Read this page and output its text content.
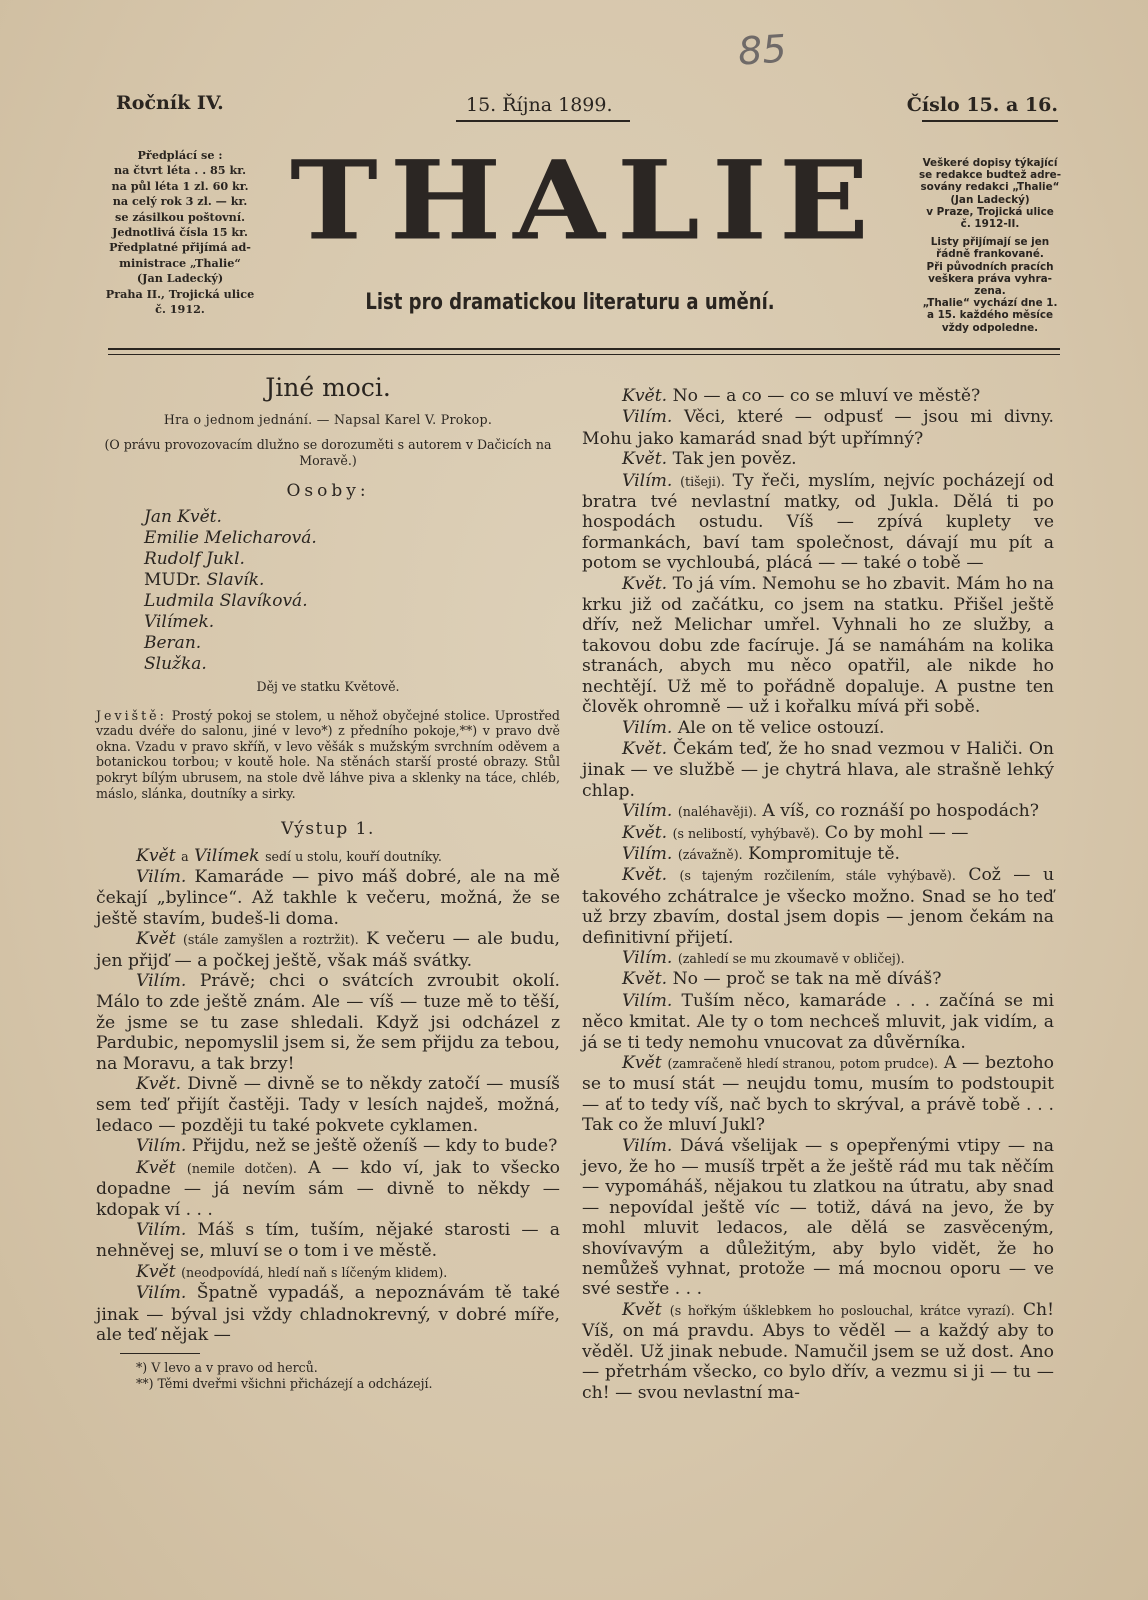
85
Ročník IV.	15. Října 1899.	Číslo 15. a 16.
Předplácí se :
na čtvrt léta . . 85 kr.
na půl léta 1 zl. 60 kr.
na celý rok 3 zl. — kr.
se zásilkou poštovní.
Jednotlivá čísla 15 kr.
Předplatné přijímá ad-
ministrace „Thalie“
(Jan Ladecký)
Praha II., Trojická ulice
č. 1912.
THALIE
List pro dramatickou literaturu a umění.
Veškeré dopisy týkající
se redakce budtež adre-
sovány redakci „Thalie“
(Jan Ladecký)
v Praze, Trojická ulice
č. 1912-II.
Listy přijímají se jen
řádně frankované.
Při původních pracích
veškera práva vyhra-
zena.
„Thalie“ vychází dne 1.
a 15. každého měsíce
vždy odpoledne.
Jiné moci.
Hra o jednom jednání. — Napsal Karel V. Prokop.
(O právu provozovacím dlužno se dorozuměti s autorem v Dačicích na Moravě.)
Osoby:
Jan Květ.
Emilie Melicharová.
Rudolf Jukl.
MUDr. Slavík.
Ludmila Slavíková.
Vilímek.
Beran.
Služka.
Děj ve statku Květově.
Jeviště: Prostý pokoj se stolem, u něhož obyčejné stolice. Uprostřed vzadu dvéře do salonu, jiné v levo*) z předního pokoje,**) v pravo dvě okna. Vzadu v pravo skříň, v levo věšák s mužským svrchním oděvem a botanickou torbou; v koutě hole. Na stěnách starší prosté obrazy. Stůl pokryt bílým ubrusem, na stole dvě láhve piva a sklenky na táce, chléb, máslo, slánka, doutníky a sirky.
Výstup 1.

Květ a Vilímek sedí u stolu, kouří doutníky.

Vilím. Kamaráde — pivo máš dobré, ale na mě čekají „bylince“. Až takhle k večeru, možná, že se ještě stavím, budeš-li doma.

Květ (stále zamyšlen a roztržit). K večeru — ale budu, jen přijď — a počkej ještě, však máš svátky.

Vilím. Právě; chci o svátcích zvroubit okolí. Málo to zde ještě znám. Ale — víš — tuze mě to těší, že jsme se tu zase shledali. Když jsi odcházel z Pardubic, nepomyslil jsem si, že sem přijdu za tebou, na Moravu, a tak brzy!

Květ. Divně — divně se to někdy zatočí — musíš sem teď přijít častěji. Tady v lesích najdeš, možná, ledaco — později tu také pokvete cyklamen.

Vilím. Přijdu, než se ještě oženíš — kdy to bude?

Květ (nemile dotčen). A — kdo ví, jak to všecko dopadne — já nevím sám — divně to někdy — kdopak ví . . .

Vilím. Máš s tím, tuším, nějaké starosti — a nehněvej se, mluví se o tom i ve městě.

Květ (neodpovídá, hledí naň s líčeným klidem).

Vilím. Špatně vypadáš, a nepoznávám tě také jinak — býval jsi vždy chladnokrevný, v dobré míře, ale teď nějak —

*) V levo a v pravo od herců.
**) Těmi dveřmi všichni přicházejí a odcházejí.

Květ. No — a co — co se mluví ve městě?

Vilím. Věci, které — odpusť — jsou mi divny. Mohu jako kamarád snad být upřímný?

Květ. Tak jen pověz.

Vilím. (tišeji). Ty řeči, myslím, nejvíc pocházejí od bratra tvé nevlastní matky, od Jukla. Dělá ti po hospodách ostudu. Víš — zpívá kuplety ve formankách, baví tam společnost, dávají mu pít a potom se vychloubá, plácá — — také o tobě —

Květ. To já vím. Nemohu se ho zbavit. Mám ho na krku již od začátku, co jsem na statku. Přišel ještě dřív, než Melichar umřel. Vyhnali ho ze služby, a takovou dobu zde facíruje. Já se namáhám na kolika stranách, abych mu něco opatřil, ale nikde ho nechtějí. Už mě to pořádně dopaluje. A pustne ten člověk ohromně — už i kořalku mívá při sobě.

Vilím. Ale on tě velice ostouzí.

Květ. Čekám teď, že ho snad vezmou v Haliči. On jinak — ve službě — je chytrá hlava, ale strašně lehký chlap.

Vilím. (naléhavěji). A víš, co roznáší po hospodách?

Květ. (s nelibostí, vyhýbavě). Co by mohl — —

Vilím. (závažně). Kompromituje tě.

Květ. (s tajeným rozčilením, stále vyhýbavě). Což — u takového zchátralce je všecko možno. Snad se ho teď už brzy zbavím, dostal jsem dopis — jenom čekám na definitivní přijetí.

Vilím. (zahledí se mu zkoumavě v obličej).

Květ. No — proč se tak na mě díváš?

Vilím. Tuším něco, kamaráde . . . začíná se mi něco kmitat. Ale ty o tom nechceš mluvit, jak vidím, a já se ti tedy nemohu vnucovat za důvěrníka.

Květ (zamračeně hledí stranou, potom prudce). A — beztoho se to musí stát — neujdu tomu, musím to podstoupit — ať to tedy víš, nač bych to skrýval, a právě tobě . . . Tak co že mluví Jukl?

Vilím. Dává všelijak — s opepřenými vtipy — na jevo, že ho — musíš trpět a že ještě rád mu tak něčím — vypomáháš, nějakou tu zlatkou na útratu, aby snad — nepovídal ještě víc — totiž, dává na jevo, že by mohl mluvit ledacos, ale dělá se zasvěceným, shovívavým a důležitým, aby bylo vidět, že ho nemůžeš vyhnat, protože — má mocnou oporu — ve své sestře . . .

Květ (s hořkým úšklebkem ho poslouchal, krátce vyrazí). Ch! Víš, on má pravdu. Abys to věděl — a každý aby to věděl. Už jinak nebude. Namučil jsem se už dost. Ano — přetrhám všecko, co bylo dřív, a vezmu si ji — tu — ch! — svou nevlastní ma-
